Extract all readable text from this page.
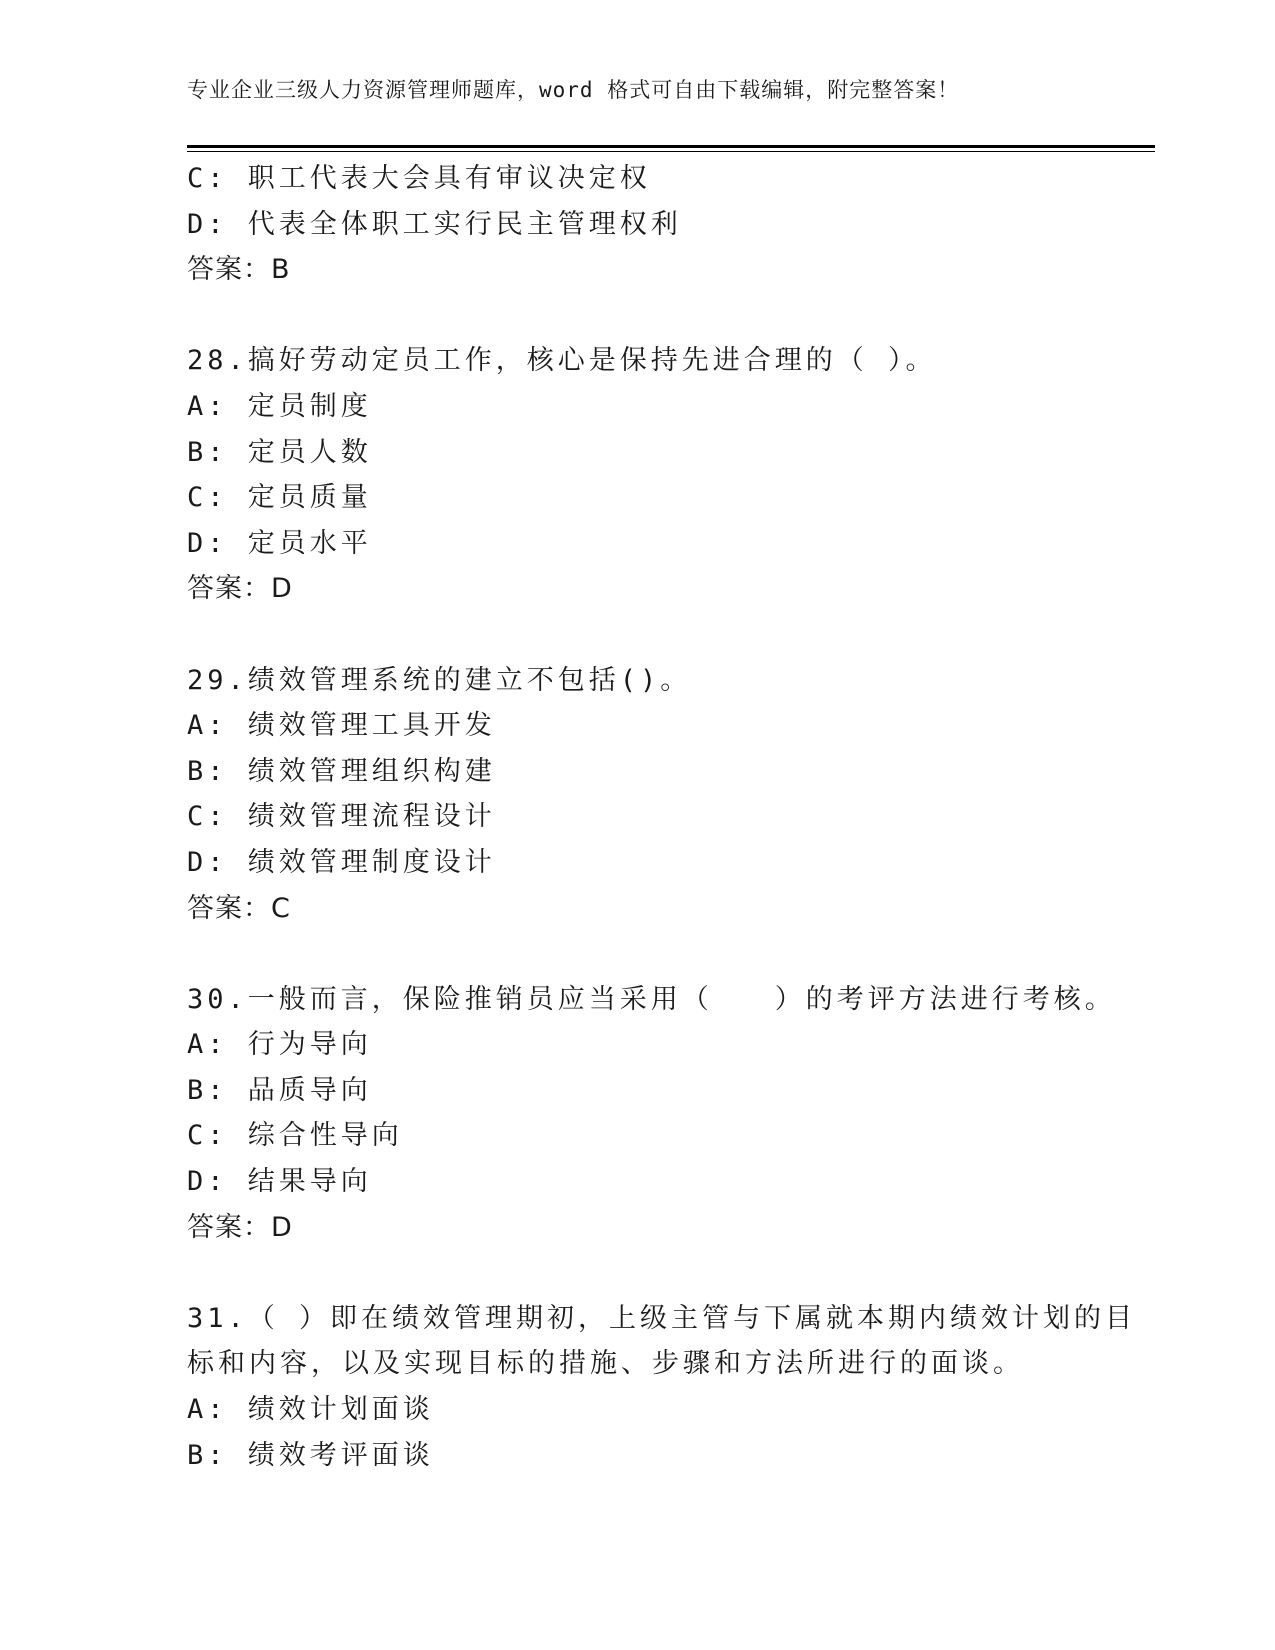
专业企业三级人力资源管理师题库，word 格式可自由下载编辑，附完整答案！
C: 职工代表大会具有审议决定权
D: 代表全体职工实行民主管理权利
答案：B
28.搞好劳动定员工作，核心是保持先进合理的（ ）。
A: 定员制度
B: 定员人数
C: 定员质量
D: 定员水平
答案：D
29.绩效管理系统的建立不包括()。
A: 绩效管理工具开发
B: 绩效管理组织构建
C: 绩效管理流程设计
D: 绩效管理制度设计
答案：C
30.一般而言，保险推销员应当采用（　　）的考评方法进行考核。
A: 行为导向
B: 品质导向
C: 综合性导向
D: 结果导向
答案：D
31.（ ）即在绩效管理期初，上级主管与下属就本期内绩效计划的目
标和内容，以及实现目标的措施、步骤和方法所进行的面谈。
A: 绩效计划面谈
B: 绩效考评面谈
